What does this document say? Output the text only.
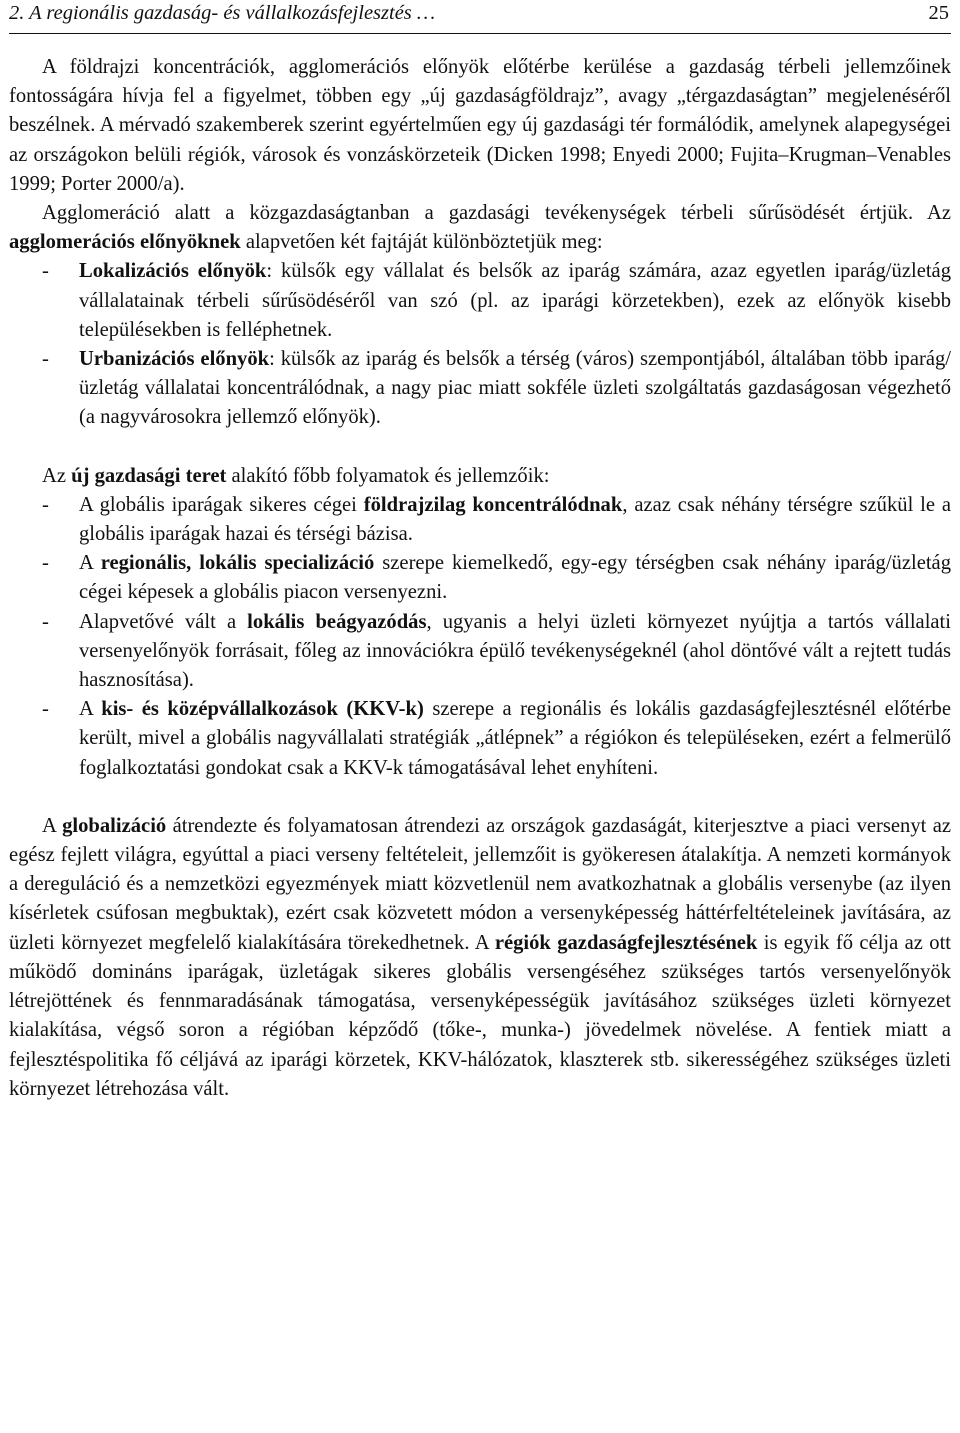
2. A regionális gazdaság- és vállalkozásfejlesztés …	25

A földrajzi koncentrációk, agglomerációs előnyök előtérbe kerülése a gazdaság térbeli jellemzőinek fontosságára hívja fel a figyelmet, többen egy „új gazdaságföldrajz”, avagy „térgazdaságtan” megjelenéséről beszélnek. A mérvadó szakemberek szerint egyértelműen egy új gazdasági tér formálódik, amelynek alapegységei az országokon belüli régiók, városok és vonzáskörzeteik (Dicken 1998; Enyedi 2000; Fujita–Krugman–Venables 1999; Porter 2000/a).

Agglomeráció alatt a közgazdaságtanban a gazdasági tevékenységek térbeli sűrűsödését értjük. Az agglomerációs előnyöknek alapvetően két fajtáját különböztetjük meg:

- Lokalizációs előnyök: külsők egy vállalat és belsők az iparág számára, azaz egyetlen iparág/üzletág vállalatainak térbeli sűrűsödéséről van szó (pl. az iparági körzetekben), ezek az előnyök kisebb településekben is felléphetnek.
- Urbanizációs előnyök: külsők az iparág és belsők a térség (város) szempontjából, általában több iparág/üzletág vállalatai koncentrálódnak, a nagy piac miatt sokféle üzleti szolgáltatás gazdaságosan végezhető (a nagyvárosokra jellemző előnyök).

Az új gazdasági teret alakító főbb folyamatok és jellemzőik:

- A globális iparágak sikeres cégei földrajzilag koncentrálódnak, azaz csak néhány térségre szűkül le a globális iparágak hazai és térségi bázisa.
- A regionális, lokális specializáció szerepe kiemelkedő, egy-egy térségben csak néhány iparág/üzletág cégei képesek a globális piacon versenyezni.
- Alapvetővé vált a lokális beágyazódás, ugyanis a helyi üzleti környezet nyújtja a tartós vállalati versenyelőnyök forrásait, főleg az innovációkra épülő tevékenységeknél (ahol döntővé vált a rejtett tudás hasznosítása).
- A kis- és középvállalkozások (KKV-k) szerepe a regionális és lokális gazdaságfejlesztésnél előtérbe került, mivel a globális nagyvállalati stratégiák „átlépnek” a régiókon és településeken, ezért a felmerülő foglalkoztatási gondokat csak a KKV-k támogatásával lehet enyhíteni.

A globalizáció átrendezte és folyamatosan átrendezi az országok gazdaságát, kiterjesztve a piaci versenyt az egész fejlett világra, egyúttal a piaci verseny feltételeit, jellemzőit is gyökeresen átalakítja. A nemzeti kormányok a dereguláció és a nemzetközi egyezmények miatt közvetlenül nem avatkozhatnak a globális versenybe (az ilyen kísérletek csúfosan megbuktak), ezért csak közvetett módon a versenyképesség háttérfeltételeinek javítására, az üzleti környezet megfelelő kialakítására törekedhetnek. A régiók gazdaságfejlesztésének is egyik fő célja az ott működő domináns iparágak, üzletágak sikeres globális versengéséhez szükséges tartós versenyelőnyök létrejöttének és fennmaradásának támogatása, versenyképességük javításához szükséges üzleti környezet kialakítása, végső soron a régióban képződő (tőke-, munka-) jövedelmek növelése. A fentiek miatt a fejlesztéspolitika fő céljává az iparági körzetek, KKV-hálózatok, klaszterek stb. sikerességéhez szükséges üzleti környezet létrehozása vált.
